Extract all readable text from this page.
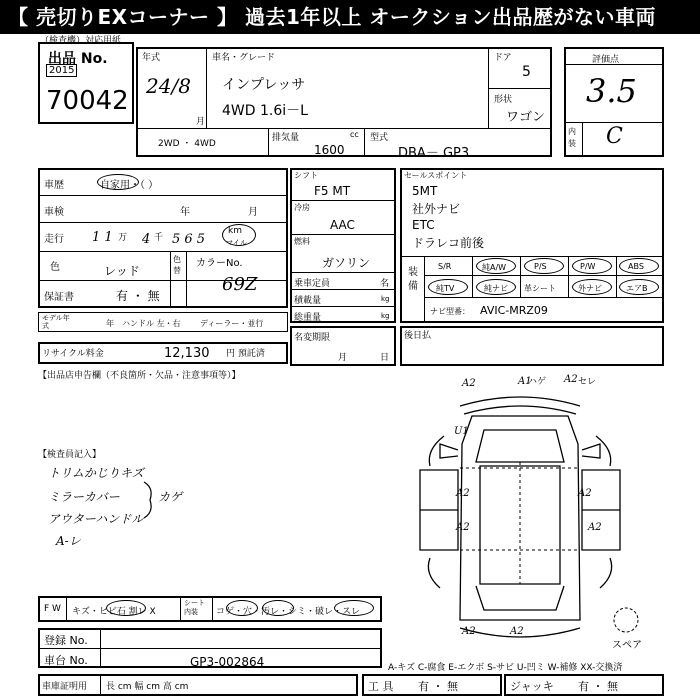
【 売切りEXコーナー 】 過去1年以上 オークション出品歴がない車両
（検査機）対応用紙
出品 No.
2015
70042
年式
24/8
月
車名・グレード
インプレッサ
4WD 1.6i－L
ドア
5
形状
ワゴン
2WD ・ 4WD
排気量	cc
1600
型式
DBA－ GP3
評価点
3.5
内装 C
車歴	自家用・（ ）
車検	年	月
走行 1 1 万 4 千 5 6 5
km
マイル
色	レッド
色替
カラーNo.
69Z
保証書	有 ・ 無
モデル年式	年 ハンドル 左・右 ディーラー・並行
リサイクル料金	12,130 円 預託済
【出品店申告欄（不良箇所・欠品・注意事項等）】
【検査員記入】
トリムかじりキズ
ミラーカバー
アウターハンドル
A-レ
カゲ
シフト
F5 MT
冷房
AAC
燃料
ガソリン
乗車定員	名
積載量	kg
総重量	kg
名変期限
月	日
セールスポイント
5MT
社外ナビ
ETC
ドラレコ前後
装備
S/R	純A/W	P/S	P/W	ABS
純TV	純ナビ 革シート	外ナビ	エアB
ナビ型番： AVIC-MRZ09
後日払
A2	A1	A2
U1
A2	A2
A2	A2
A2	A2
ハゲ	セレ
スペア
F W キズ・ヒビ石 割レ X
シート内装	コゲ・穴・汚レ・シミ・破レ・スレ
登録 No.
車台 No.	GP3-002864	A-キズ C-腐食 E-エクボ S-サビ U-凹ミ W-補修 XX-交換済
車庫証明用 長 cm 幅 cm 高 cm	工 具 有 ・ 無	ジャッキ 有 ・ 無
